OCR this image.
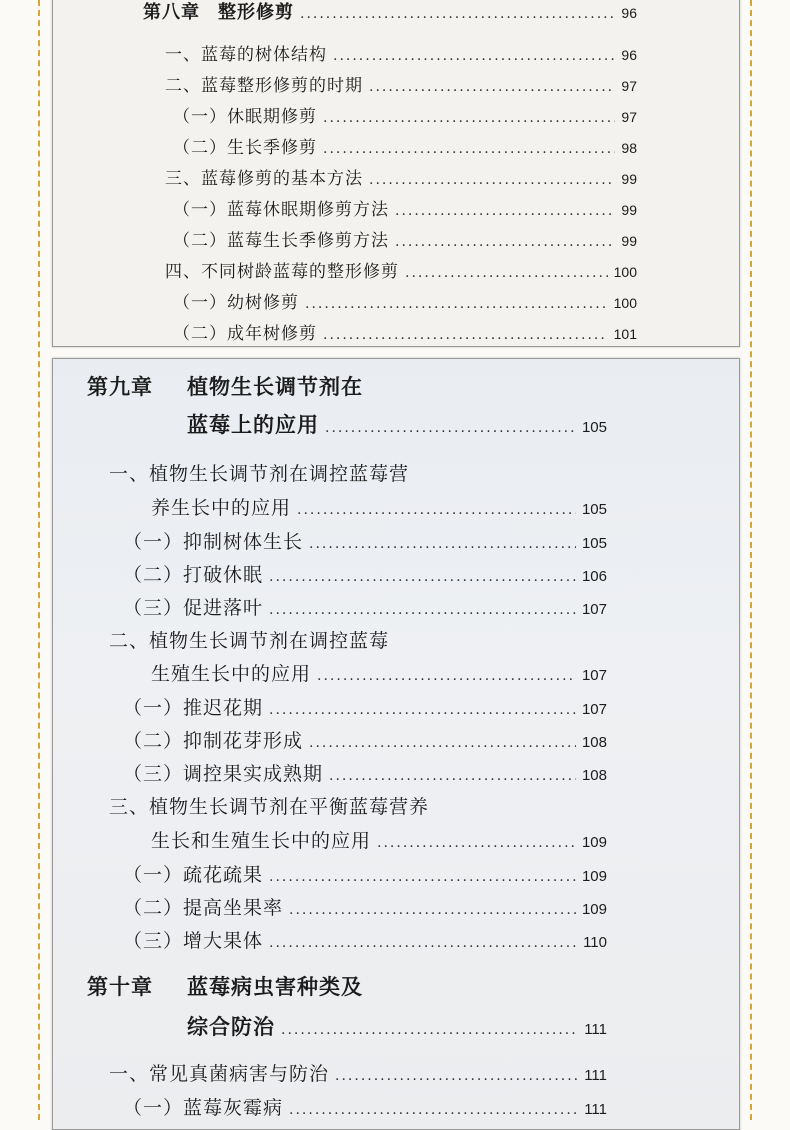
第八章 整形修剪 .....	96
一、蓝莓的树体结构 .....	96
二、蓝莓整形修剪的时期 .....	97
（一）休眠期修剪 .....	97
（二）生长季修剪 .....	98
三、蓝莓修剪的基本方法 .....	99
（一）蓝莓休眠期修剪方法 .....	99
（二）蓝莓生长季修剪方法 .....	99
四、不同树龄蓝莓的整形修剪 .....	100
（一）幼树修剪 .....	100
（二）成年树修剪 .....	101
第九章	植物生长调节剂在
蓝莓上的应用 .....	105
一、植物生长调节剂在调控蓝莓营
养生长中的应用 .....	105
（一）抑制树体生长 .....	105
（二）打破休眠 .....	106
（三）促进落叶 .....	107
二、植物生长调节剂在调控蓝莓
生殖生长中的应用 .....	107
（一）推迟花期 .....	107
（二）抑制花芽形成 .....	108
（三）调控果实成熟期 .....	108
三、植物生长调节剂在平衡蓝莓营养
生长和生殖生长中的应用 .....	109
（一）疏花疏果 .....	109
（二）提高坐果率 .....	109
（三）增大果体 .....	110
第十章	蓝莓病虫害种类及
综合防治 .....	111
一、常见真菌病害与防治 .....	111
（一）蓝莓灰霉病 .....	111
